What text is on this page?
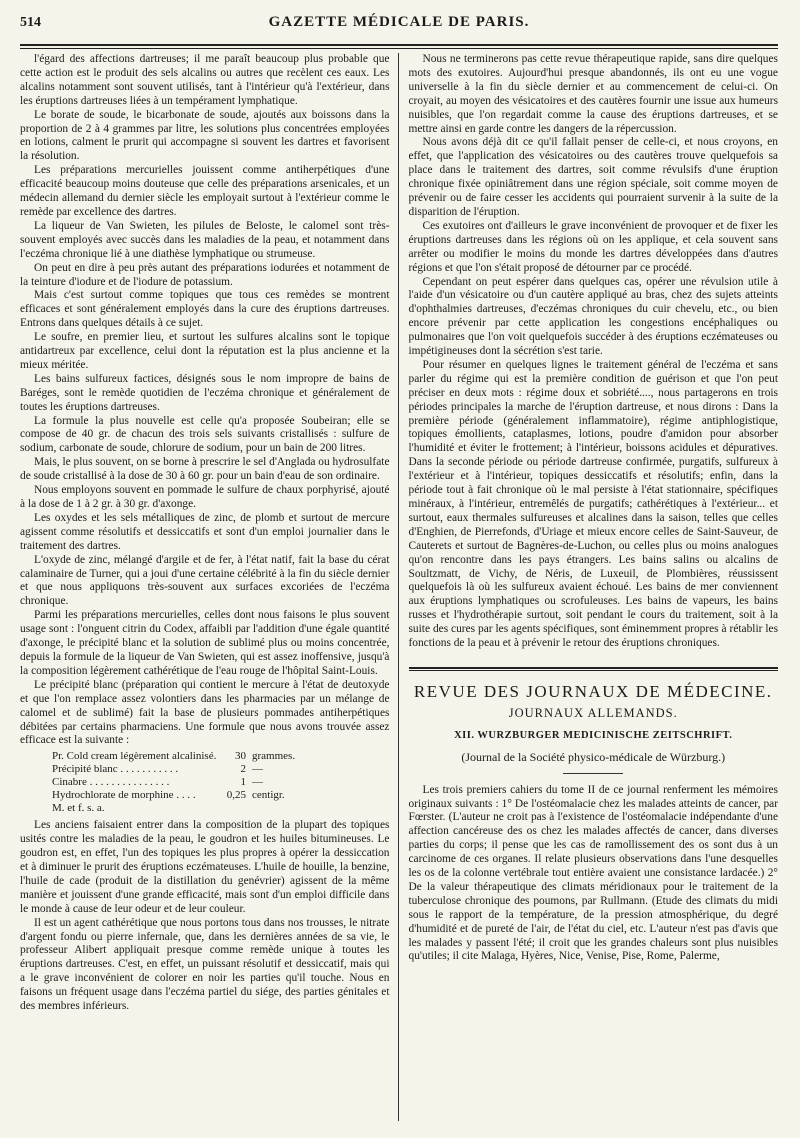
514	GAZETTE MÉDICALE DE PARIS.

l'égard des affections dartreuses; il me paraît beaucoup plus probable que cette action est le produit des sels alcalins ou autres que recèlent ces eaux. Les alcalins notamment sont souvent utilisés, tant à l'intérieur qu'à l'extérieur, dans les éruptions dartreuses liées à un tempérament lymphatique.

Le borate de soude, le bicarbonate de soude, ajoutés aux boissons dans la proportion de 2 à 4 grammes par litre, les solutions plus concentrées employées en lotions, calment le prurit qui accompagne si souvent les dartres et favorisent la résolution.

Les préparations mercurielles jouissent comme antiherpétiques d'une efficacité beaucoup moins douteuse que celle des préparations arsenicales, et un médecin allemand du dernier siècle les employait surtout à l'extérieur comme le remède par excellence des dartres.

La liqueur de Van Swieten, les pilules de Beloste, le calomel sont très-souvent employés avec succès dans les maladies de la peau, et notamment dans l'eczéma chronique lié à une diathèse lymphatique ou strumeuse.

On peut en dire à peu près autant des préparations iodurées et notamment de la teinture d'iodure et de l'iodure de potassium.

Mais c'est surtout comme topiques que tous ces remèdes se montrent efficaces et sont généralement employés dans la cure des éruptions dartreuses. Entrons dans quelques détails à ce sujet.

Le soufre, en premier lieu, et surtout les sulfures alcalins sont le topique antidartreux par excellence, celui dont la réputation est la plus ancienne et la mieux méritée.

Les bains sulfureux factices, désignés sous le nom impropre de bains de Baréges, sont le remède quotidien de l'eczéma chronique et généralement de toutes les éruptions dartreuses.

La formule la plus nouvelle est celle qu'a proposée Soubeiran; elle se compose de 40 gr. de chacun des trois sels suivants cristallisés : sulfure de sodium, carbonate de soude, chlorure de sodium, pour un bain de 200 litres.

Mais, le plus souvent, on se borne à prescrire le sel d'Anglada ou hydrosulfate de soude cristallisé à la dose de 30 à 60 gr. pour un bain d'eau de son ordinaire.

Nous employons souvent en pommade le sulfure de chaux porphyrisé, ajouté à la dose de 1 à 2 gr. à 30 gr. d'axonge.

Les oxydes et les sels métalliques de zinc, de plomb et surtout de mercure agissent comme résolutifs et dessiccatifs et sont d'un emploi journalier dans le traitement des dartres.

L'oxyde de zinc, mélangé d'argile et de fer, à l'état natif, fait la base du cérat calaminaire de Turner, qui a joui d'une certaine célébrité à la fin du siècle dernier et que nous appliquons très-souvent aux surfaces excoriées de l'eczéma chronique.

Parmi les préparations mercurielles, celles dont nous faisons le plus souvent usage sont : l'onguent citrin du Codex, affaibli par l'addition d'une égale quantité d'axonge, le précipité blanc et la solution de sublimé plus ou moins concentrée, depuis la formule de la liqueur de Van Swieten, qui est assez inoffensive, jusqu'à la composition légèrement cathérétique de l'eau rouge de l'hôpital Saint-Louis.

Le précipité blanc (préparation qui contient le mercure à l'état de deutoxyde et que l'on remplace assez volontiers dans les pharmacies par un mélange de calomel et de sublimé) fait la base de plusieurs pommades antiherpétiques débitées par certains pharmaciens. Une formule que nous avons trouvée assez efficace est la suivante :

Pr. Cold cream légèrement alcalinisé.	30 grammes.
Précipité blanc . . . . . . . . . . .	2 —
Cinabre . . . . . . . . . . . . . . .	1 —
Hydrochlorate de morphine . . . .	0,25 centigr.
M. et f. s. a.

Les anciens faisaient entrer dans la composition de la plupart des topiques usités contre les maladies de la peau, le goudron et les huiles bitumineuses. Le goudron est, en effet, l'un des topiques les plus propres à opérer la dessiccation et à diminuer le prurit des éruptions eczémateuses. L'huile de houille, la benzine, l'huile de cade (produit de la distillation du genévrier) agissent de la même manière et jouissent d'une grande efficacité, mais sont d'un emploi difficile dans le monde à cause de leur odeur et de leur couleur.

Il est un agent cathérétique que nous portons tous dans nos trousses, le nitrate d'argent fondu ou pierre infernale, que, dans les dernières années de sa vie, le professeur Alibert appliquait presque comme remède unique à toutes les éruptions dartreuses. C'est, en effet, un puissant résolutif et dessiccatif, mais qui a le grave inconvénient de colorer en noir les parties qu'il touche. Nous en faisons un fréquent usage dans l'eczéma partiel du siége, des parties génitales et des membres inférieurs.

Nous ne terminerons pas cette revue thérapeutique rapide, sans dire quelques mots des exutoires. Aujourd'hui presque abandonnés, ils ont eu une vogue universelle à la fin du siècle dernier et au commencement de celui-ci. On croyait, au moyen des vésicatoires et des cautères fournir une issue aux humeurs nuisibles, que l'on regardait comme la cause des éruptions dartreuses, et se mettre ainsi en garde contre les dangers de la répercussion.

Nous avons déjà dit ce qu'il fallait penser de celle-ci, et nous croyons, en effet, que l'application des vésicatoires ou des cautères trouve quelquefois sa place dans le traitement des dartres, soit comme révulsifs d'une éruption chronique fixée opiniâtrement dans une région spéciale, soit comme moyen de prévenir ou de faire cesser les accidents qui pourraient survenir à la suite de la disparition de l'éruption.

Ces exutoires ont d'ailleurs le grave inconvénient de provoquer et de fixer les éruptions dartreuses dans les régions où on les applique, et cela souvent sans arrêter ou modifier le moins du monde les dartres développées dans d'autres régions et que l'on s'était proposé de détourner par ce procédé.

Cependant on peut espérer dans quelques cas, opérer une révulsion utile à l'aide d'un vésicatoire ou d'un cautère appliqué au bras, chez des sujets atteints d'ophthalmies dartreuses, d'eczémas chroniques du cuir chevelu, etc., ou bien encore prévenir par cette application les congestions encéphaliques ou pulmonaires que l'on voit quelquefois succéder à des éruptions eczémateuses ou impétigineuses dont la sécrétion s'est tarie.

Pour résumer en quelques lignes le traitement général de l'eczéma et sans parler du régime qui est la première condition de guérison et que l'on peut préciser en deux mots : régime doux et sobriété...., nous partagerons en trois périodes principales la marche de l'éruption dartreuse, et nous dirons : Dans la première période (généralement inflammatoire), régime antiphlogistique, topiques émollients, cataplasmes, lotions, poudre d'amidon pour absorber l'humidité et éviter le frottement; à l'intérieur, boissons acidules et dépuratives. Dans la seconde période ou période dartreuse confirmée, purgatifs, sulfureux à l'extérieur et à l'intérieur, topiques dessiccatifs et résolutifs; enfin, dans la période tout à fait chronique où le mal persiste à l'état stationnaire, spécifiques minéraux, à l'intérieur, entremêlés de purgatifs; cathérétiques à l'extérieur... et surtout, eaux thermales sulfureuses et alcalines dans la saison, telles que celles d'Enghien, de Pierrefonds, d'Uriage et mieux encore celles de Saint-Sauveur, de Cauterets et surtout de Bagnères-de-Luchon, ou celles plus ou moins analogues qu'on rencontre dans les pays étrangers. Les bains salins ou alcalins de Soultzmatt, de Vichy, de Néris, de Luxeuil, de Plombières, réussissent quelquefois là où les sulfureux avaient échoué. Les bains de mer conviennent aux éruptions lymphatiques ou scrofuleuses. Les bains de vapeurs, les bains russes et l'hydrothérapie surtout, soit pendant le cours du traitement, soit à la suite des cures par les agents spécifiques, sont éminemment propres à rétablir les fonctions de la peau et à prévenir le retour des éruptions chroniques.

REVUE DES JOURNAUX DE MÉDECINE.
JOURNAUX ALLEMANDS.
XII. WURZBURGER MEDICINISCHE ZEITSCHRIFT.
(Journal de la Société physico-médicale de Würzburg.)

Les trois premiers cahiers du tome II de ce journal renferment les mémoires originaux suivants : 1° De l'ostéomalacie chez les malades atteints de cancer, par Fœrster. (L'auteur ne croit pas à l'existence de l'ostéomalacie indépendante d'une affection cancéreuse des os chez les malades affectés de cancer, dans diverses parties du corps; il pense que les cas de ramollissement des os sont dus à un carcinome de ces organes. Il relate plusieurs observations dans l'une desquelles les os de la colonne vertébrale tout entière avaient une consistance lardacée.) 2° De la valeur thérapeutique des climats méridionaux pour le traitement de la tuberculose chronique des poumons, par Rullmann. (Etude des climats du midi sous le rapport de la température, de la pression atmosphérique, du degré d'humidité et de pureté de l'air, de l'état du ciel, etc. L'auteur n'est pas d'avis que les malades y passent l'été; il croit que les grandes chaleurs sont plus nuisibles qu'utiles; il cite Malaga, Hyères, Nice, Venise, Pise, Rome, Palerme,
